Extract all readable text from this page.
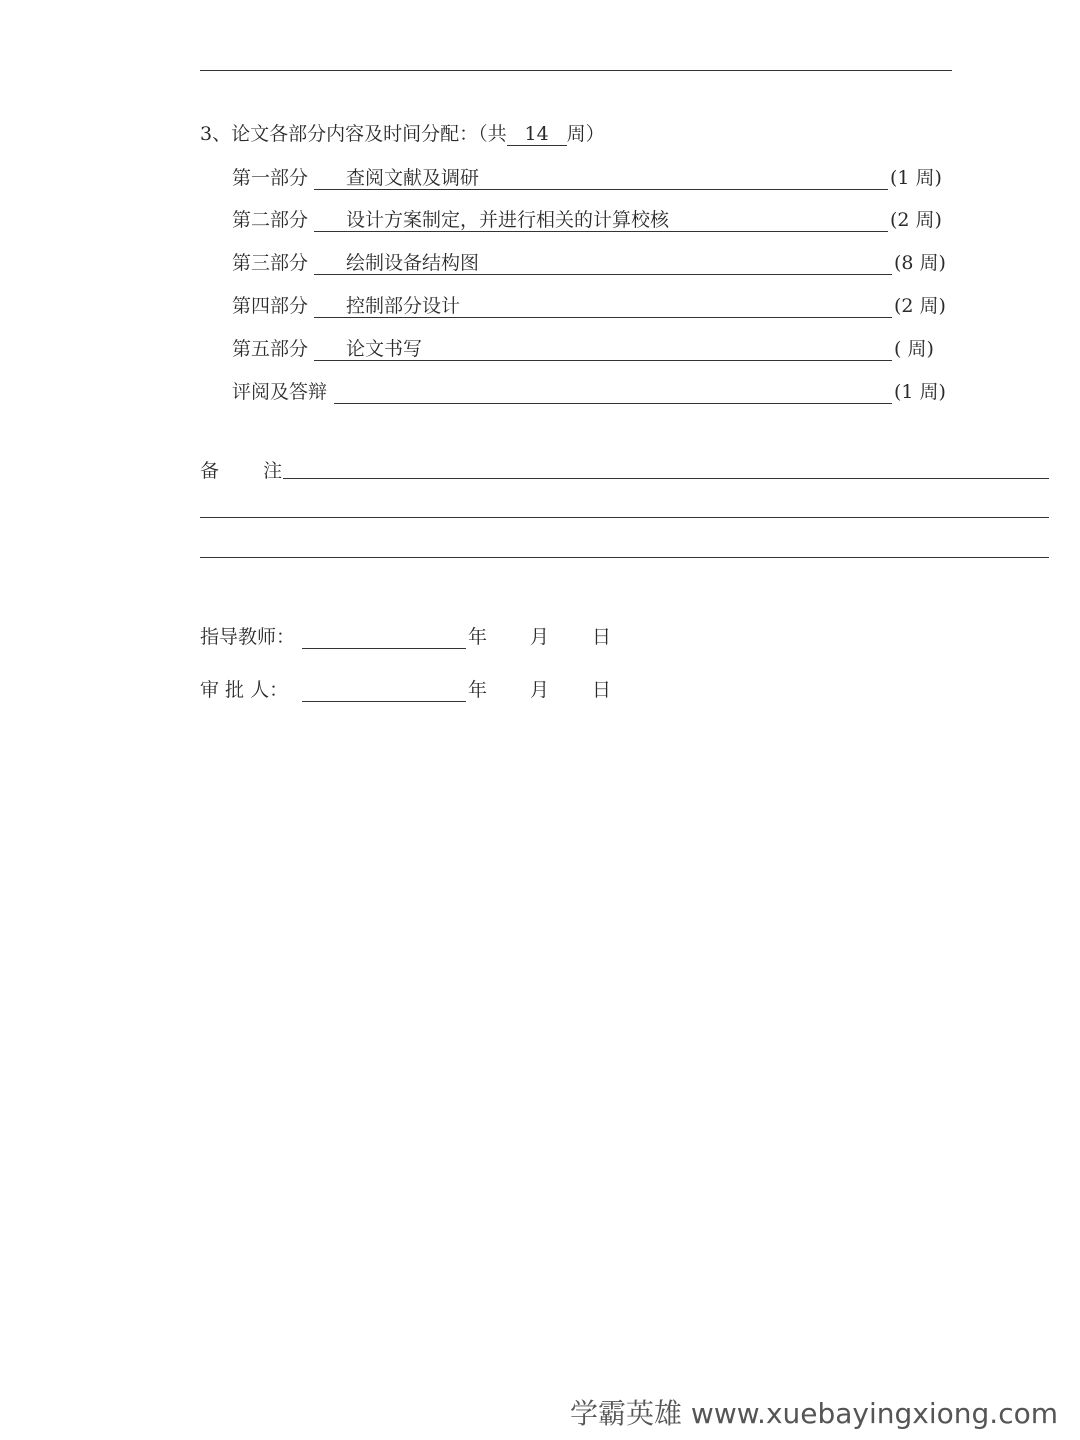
3、论文各部分内容及时间分配：（共 14 周）
第一部分 查阅文献及调研	(1 周)
第二部分 设计方案制定，并进行相关的计算校核	(2 周)
第三部分 绘制设备结构图	(8 周)
第四部分 控制部分设计	(2 周)
第五部分 论文书写	( 周)
评阅及答辩	(1 周)
备 注
指导教师：	年 月 日
审 批 人：	年 月 日
学霸英雄 www.xuebayingxiong.com
